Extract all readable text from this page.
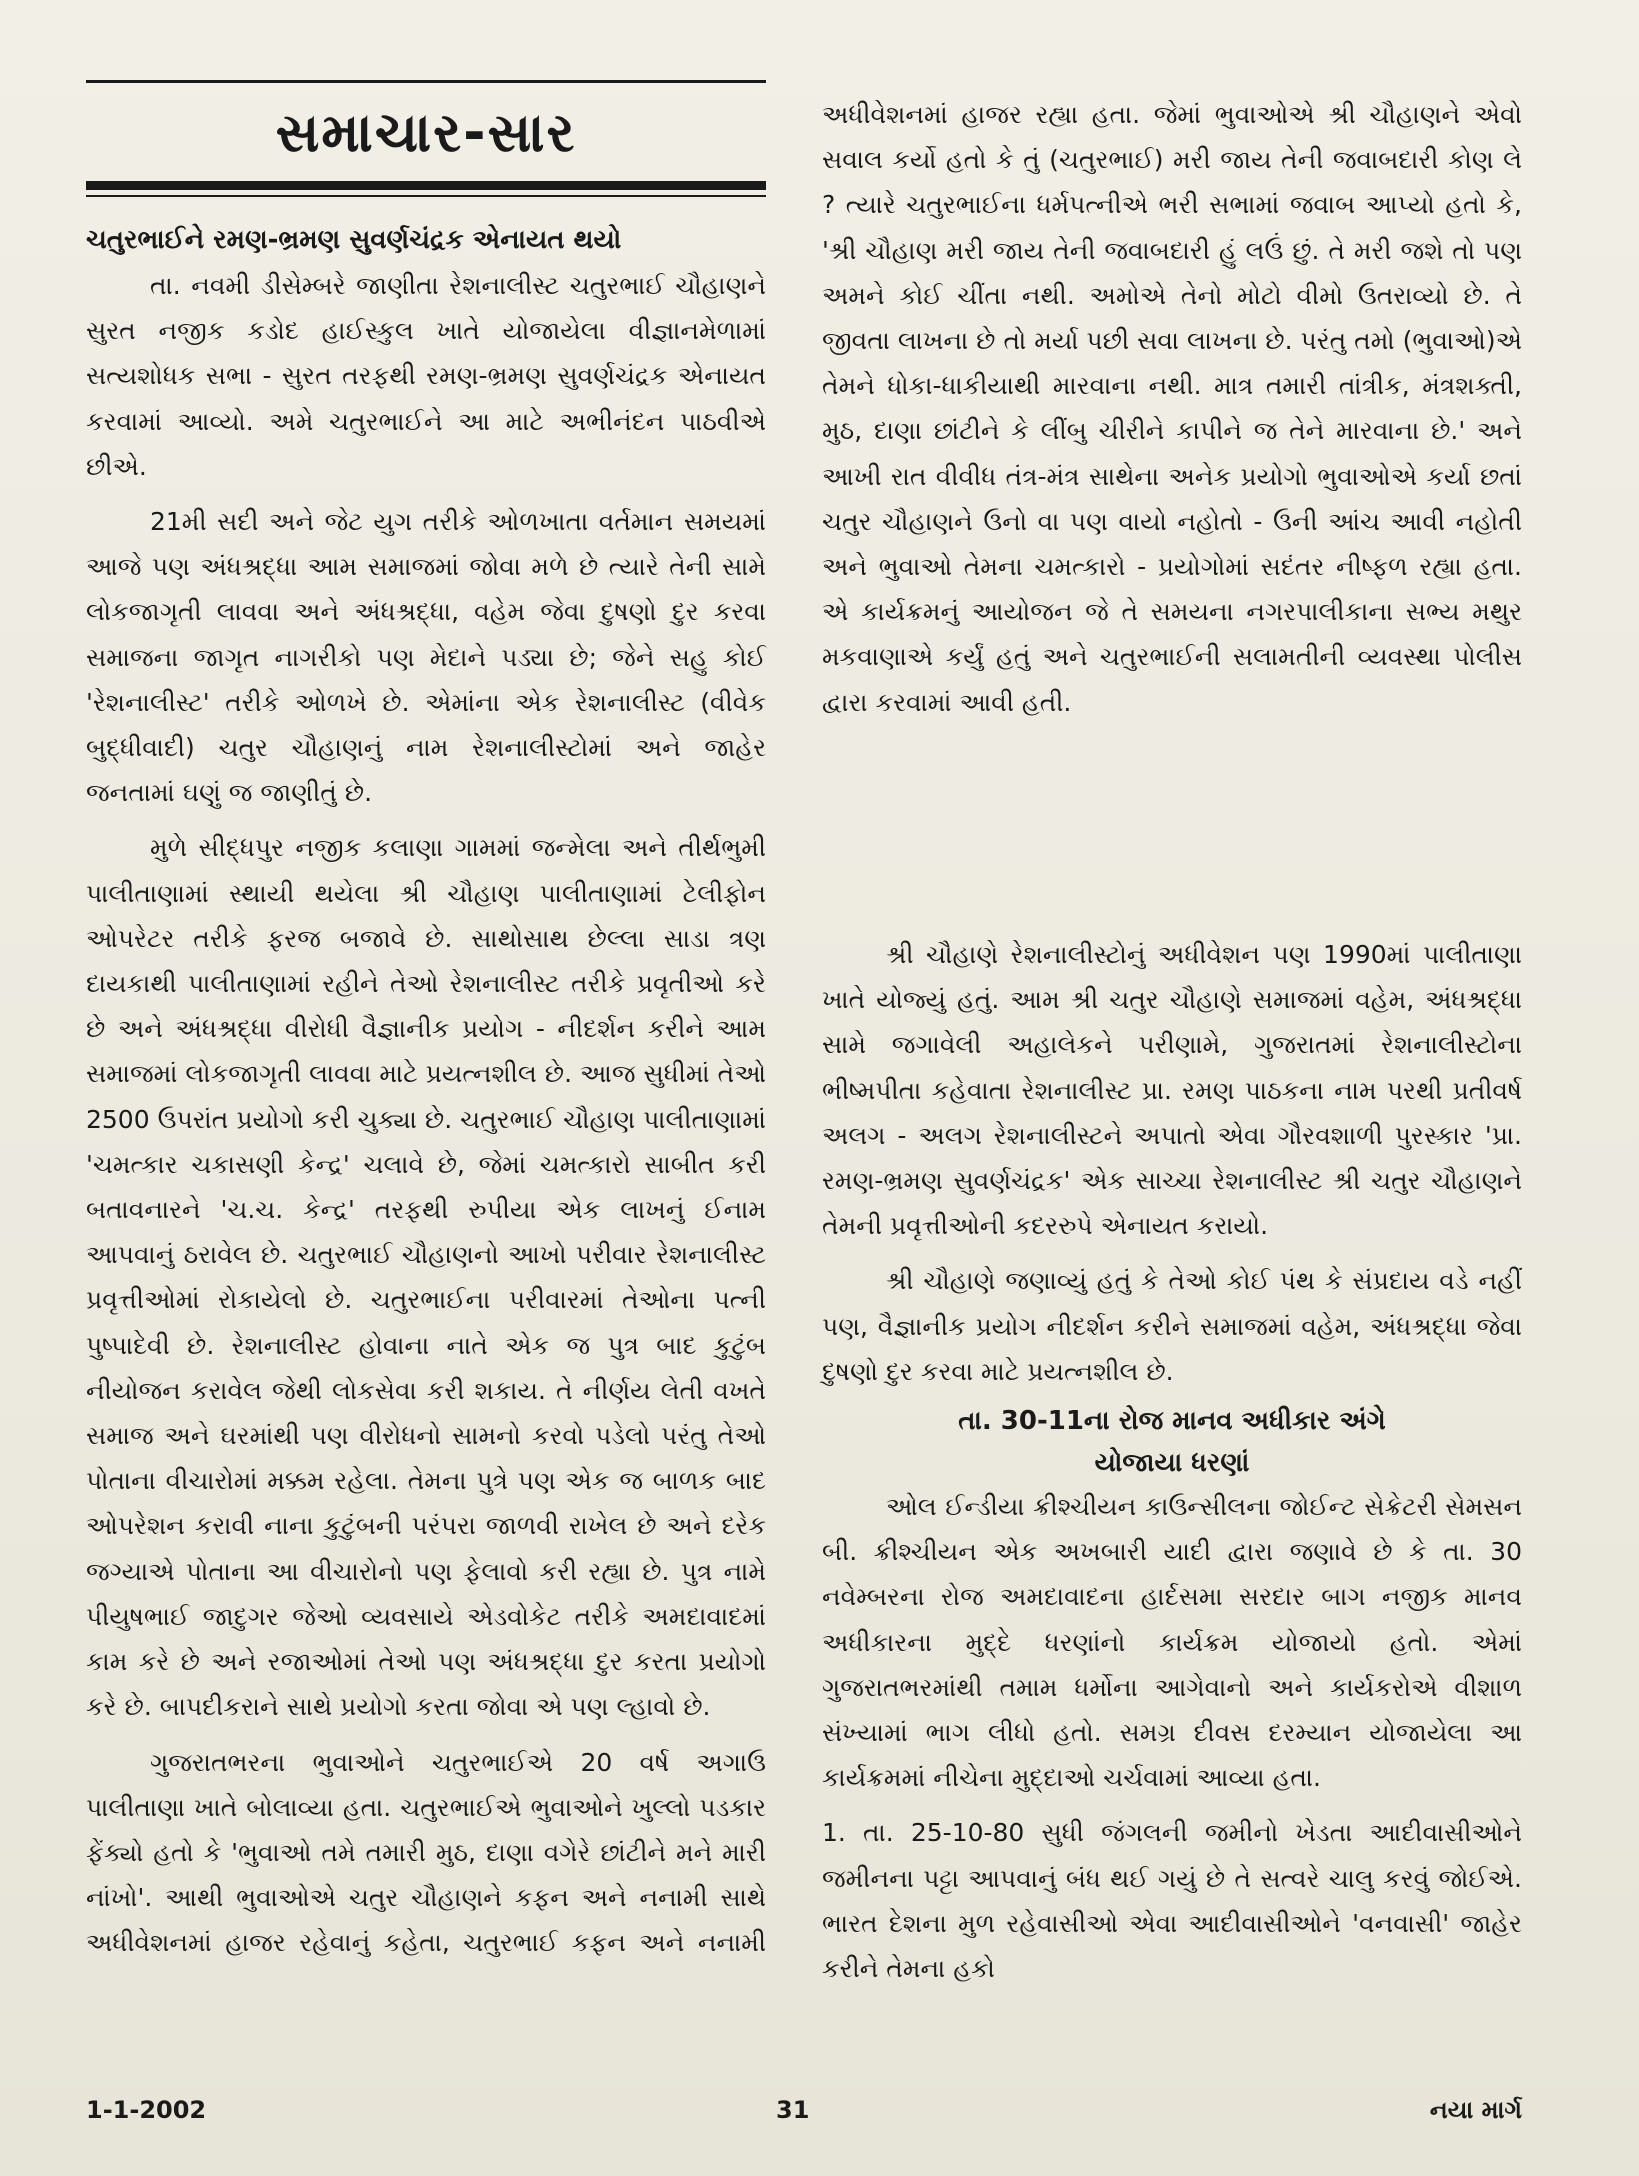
સમાચાર-સાર
ચતુરભાઈને રમણ-ભ્રમણ સુવર્ણચંદ્રક એનાયત થયો

તા. નવમી ડીસેમ્બરે જાણીતા રેશનાલીસ્ટ ચતુરભાઈ ચૌહાણને સુરત નજીક કડોદ હાઈસ્કુલ ખાતે યોજાયેલા વીજ્ઞાનમેળામાં સત્યશોધક સભા - સુરત તરફથી રમણ-ભ્રમણ સુવર્ણચંદ્રક એનાયત કરવામાં આવ્યો. અમે ચતુરભાઈને આ માટે અભીનંદન પાઠવીએ છીએ.

21મી સદી અને જેટ યુગ તરીકે ઓળખાતા વર્તમાન સમયમાં આજે પણ અંધશ્રદ્ધા આમ સમાજમાં જોવા મળે છે ત્યારે તેની સામે લોકજાગૃતી લાવવા અને અંધશ્રદ્ધા, વહેમ જેવા દુષણો દુર કરવા સમાજના જાગૃત નાગરીકો પણ મેદાને પડ્યા છે; જેને સહુ કોઈ 'રેશનાલીસ્ટ' તરીકે ઓળખે છે. એમાંના એક રેશનાલીસ્ટ (વીવેક બુદ્ધીવાદી) ચતુર ચૌહાણનું નામ રેશનાલીસ્ટોમાં અને જાહેર જનતામાં ઘણું જ જાણીતું છે.

મુળે સીદ્ધપુર નજીક કલાણા ગામમાં જન્મેલા અને તીર્થભુમી પાલીતાણામાં સ્થાયી થયેલા શ્રી ચૌહાણ પાલીતાણામાં ટેલીફોન ઓપરેટર તરીકે ફરજ બજાવે છે. સાથોસાથ છેલ્લા સાડા ત્રણ દાયકાથી પાલીતાણામાં રહીને તેઓ રેશનાલીસ્ટ તરીકે પ્રવૃતીઓ કરે છે અને અંધશ્રદ્ધા વીરોધી વૈજ્ઞાનીક પ્રયોગ - નીદર્શન કરીને આમ સમાજમાં લોકજાગૃતી લાવવા માટે પ્રયત્નશીલ છે. આજ સુધીમાં તેઓ 2500 ઉપરાંત પ્રયોગો કરી ચુક્યા છે. ચતુરભાઈ ચૌહાણ પાલીતાણામાં 'ચમત્કાર ચકાસણી કેન્દ્ર' ચલાવે છે, જેમાં ચમત્કારો સાબીત કરી બતાવનારને 'ચ.ચ. કેન્દ્ર' તરફથી રુપીયા એક લાખનું ઈનામ આપવાનું ઠરાવેલ છે. ચતુરભાઈ ચૌહાણનો આખો પરીવાર રેશનાલીસ્ટ પ્રવૃત્તીઓમાં રોકાયેલો છે. ચતુરભાઈના પરીવારમાં તેઓના પત્ની પુષ્પાદેવી છે. રેશનાલીસ્ટ હોવાના નાતે એક જ પુત્ર બાદ કુટુંબ નીયોજન કરાવેલ જેથી લોકસેવા કરી શકાય. તે નીર્ણય લેતી વખતે સમાજ અને ઘરમાંથી પણ વીરોધનો સામનો કરવો પડેલો પરંતુ તેઓ પોતાના વીચારોમાં મક્કમ રહેલા. તેમના પુત્રે પણ એક જ બાળક બાદ ઓપરેશન કરાવી નાના કુટુંબની પરંપરા જાળવી રાખેલ છે અને દરેક જગ્યાએ પોતાના આ વીચારોનો પણ ફેલાવો કરી રહ્યા છે. પુત્ર નામે પીયુષભાઈ જાદુગર જેઓ વ્યવસાયે એડવોકેટ તરીકે અમદાવાદમાં કામ કરે છે અને રજાઓમાં તેઓ પણ અંધશ્રદ્ધા દુર કરતા પ્રયોગો કરે છે. બાપદીકરાને સાથે પ્રયોગો કરતા જોવા એ પણ લ્હાવો છે.

ગુજરાતભરના ભુવાઓને ચતુરભાઈએ 20 વર્ષ અગાઉ પાલીતાણા ખાતે બોલાવ્યા હતા. ચતુરભાઈએ ભુવાઓને ખુલ્લો પડકાર ફેંક્યો હતો કે 'ભુવાઓ તમે તમારી મુઠ, દાણા વગેરે છાંટીને મને મારી નાંખો'. આથી ભુવાઓએ ચતુર ચૌહાણને કફન અને નનામી સાથે અધીવેશનમાં હાજર રહેવાનું કહેતા, ચતુરભાઈ કફન અને નનામી

અધીવેશનમાં હાજર રહ્યા હતા. જેમાં ભુવાઓએ શ્રી ચૌહાણને એવો સવાલ કર્યો હતો કે તું (ચતુરભાઈ) મરી જાય તેની જવાબદારી કોણ લે ? ત્યારે ચતુરભાઈના ધર્મપત્નીએ ભરી સભામાં જવાબ આપ્યો હતો કે, 'શ્રી ચૌહાણ મરી જાય તેની જવાબદારી હું લઉં છું. તે મરી જશે તો પણ અમને કોઈ ચીંતા નથી. અમોએ તેનો મોટો વીમો ઉતરાવ્યો છે. તે જીવતા લાખના છે તો મર્યા પછી સવા લાખના છે. પરંતુ તમો (ભુવાઓ)એ તેમને ધોકા-ધાકીયાથી મારવાના નથી. માત્ર તમારી તાંત્રીક, મંત્રશક્તી, મુઠ, દાણા છાંટીને કે લીંબુ ચીરીને કાપીને જ તેને મારવાના છે.' અને આખી રાત વીવીધ તંત્ર-મંત્ર સાથેના અનેક પ્રયોગો ભુવાઓએ કર્યા છતાં ચતુર ચૌહાણને ઉનો વા પણ વાયો નહોતો - ઉની આંચ આવી નહોતી અને ભુવાઓ તેમના ચમત્કારો - પ્રયોગોમાં સદંતર નીષ્ફળ રહ્યા હતા. એ કાર્યક્રમનું આયોજન જે તે સમયના નગરપાલીકાના સભ્ય મથુર મકવાણાએ કર્યું હતું અને ચતુરભાઈની સલામતીની વ્યવસ્થા પોલીસ દ્વારા કરવામાં આવી હતી.

શ્રી ચૌહાણે રેશનાલીસ્ટોનું અધીવેશન પણ 1990માં પાલીતાણા ખાતે યોજ્યું હતું. આમ શ્રી ચતુર ચૌહાણે સમાજમાં વહેમ, અંધશ્રદ્ધા સામે જગાવેલી અહાલેકને પરીણામે, ગુજરાતમાં રેશનાલીસ્ટોના ભીષ્મપીતા કહેવાતા રેશનાલીસ્ટ પ્રા. રમણ પાઠકના નામ પરથી પ્રતીવર્ષ અલગ - અલગ રેશનાલીસ્ટને અપાતો એવા ગૌરવશાળી પુરસ્કાર 'પ્રા. રમણ-ભ્રમણ સુવર્ણચંદ્રક' એક સાચ્ચા રેશનાલીસ્ટ શ્રી ચતુર ચૌહાણને તેમની પ્રવૃત્તીઓની કદરરુપે એનાયત કરાયો.

શ્રી ચૌહાણે જણાવ્યું હતું કે તેઓ કોઈ પંથ કે સંપ્રદાય વડે નહીં પણ, વૈજ્ઞાનીક પ્રયોગ નીદર્શન કરીને સમાજમાં વહેમ, અંધશ્રદ્ધા જેવા દુષણો દુર કરવા માટે પ્રયત્નશીલ છે.

તા. 30-11ના રોજ માનવ અધીકાર અંગે
યોજાયા ધરણાં

ઓલ ઈન્ડીયા ક્રીશ્ચીયન કાઉન્સીલના જોઈન્ટ સેક્રેટરી સેમસન બી. ક્રીશ્ચીયન એક અખબારી યાદી દ્વારા જણાવે છે કે તા. 30 નવેમ્બરના રોજ અમદાવાદના હાર્દસમા સરદાર બાગ નજીક માનવ અધીકારના મુદ્દે ધરણાંનો કાર્યક્રમ યોજાયો હતો. એમાં ગુજરાતભરમાંથી તમામ ધર્મોના આગેવાનો અને કાર્યકરોએ વીશાળ સંખ્યામાં ભાગ લીધો હતો. સમગ્ર દીવસ દરમ્યાન યોજાયેલા આ કાર્યક્રમમાં નીચેના મુદ્દાઓ ચર્ચવામાં આવ્યા હતા.

1. તા. 25-10-80 સુધી જંગલની જમીનો ખેડતા આદીવાસીઓને જમીનના પટ્ટા આપવાનું બંધ થઈ ગયું છે તે સત્વરે ચાલુ કરવું જોઈએ. ભારત દેશના મુળ રહેવાસીઓ એવા આદીવાસીઓને 'વનવાસી' જાહેર કરીને તેમના હકો

1-1-2002	31	નયા માર્ગ
